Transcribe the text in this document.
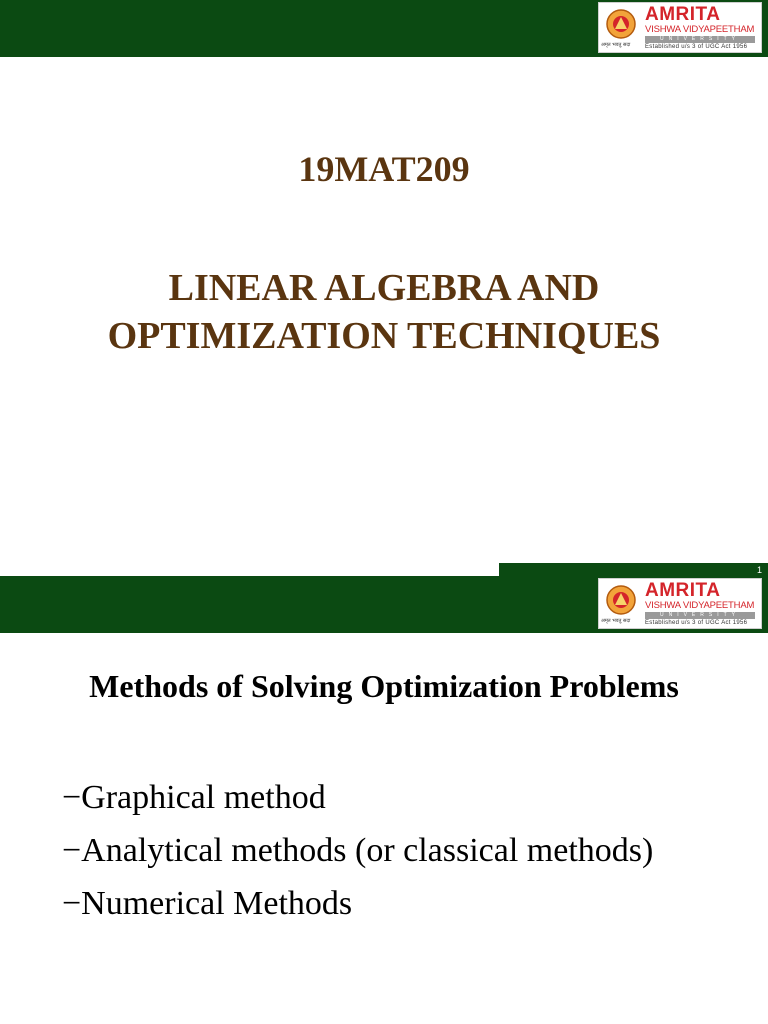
अमृत भवतु सदा
AMRITA
VISHWA VIDYAPEETHAM
UNIVERSITY
Established u/s 3 of UGC Act 1956
19MAT209
LINEAR ALGEBRA AND
OPTIMIZATION TECHNIQUES
1
अमृत भवतु सदा
AMRITA
VISHWA VIDYAPEETHAM
UNIVERSITY
Established u/s 3 of UGC Act 1956
Methods of Solving Optimization Problems
−Graphical method
−Analytical methods (or classical methods)
−Numerical Methods
